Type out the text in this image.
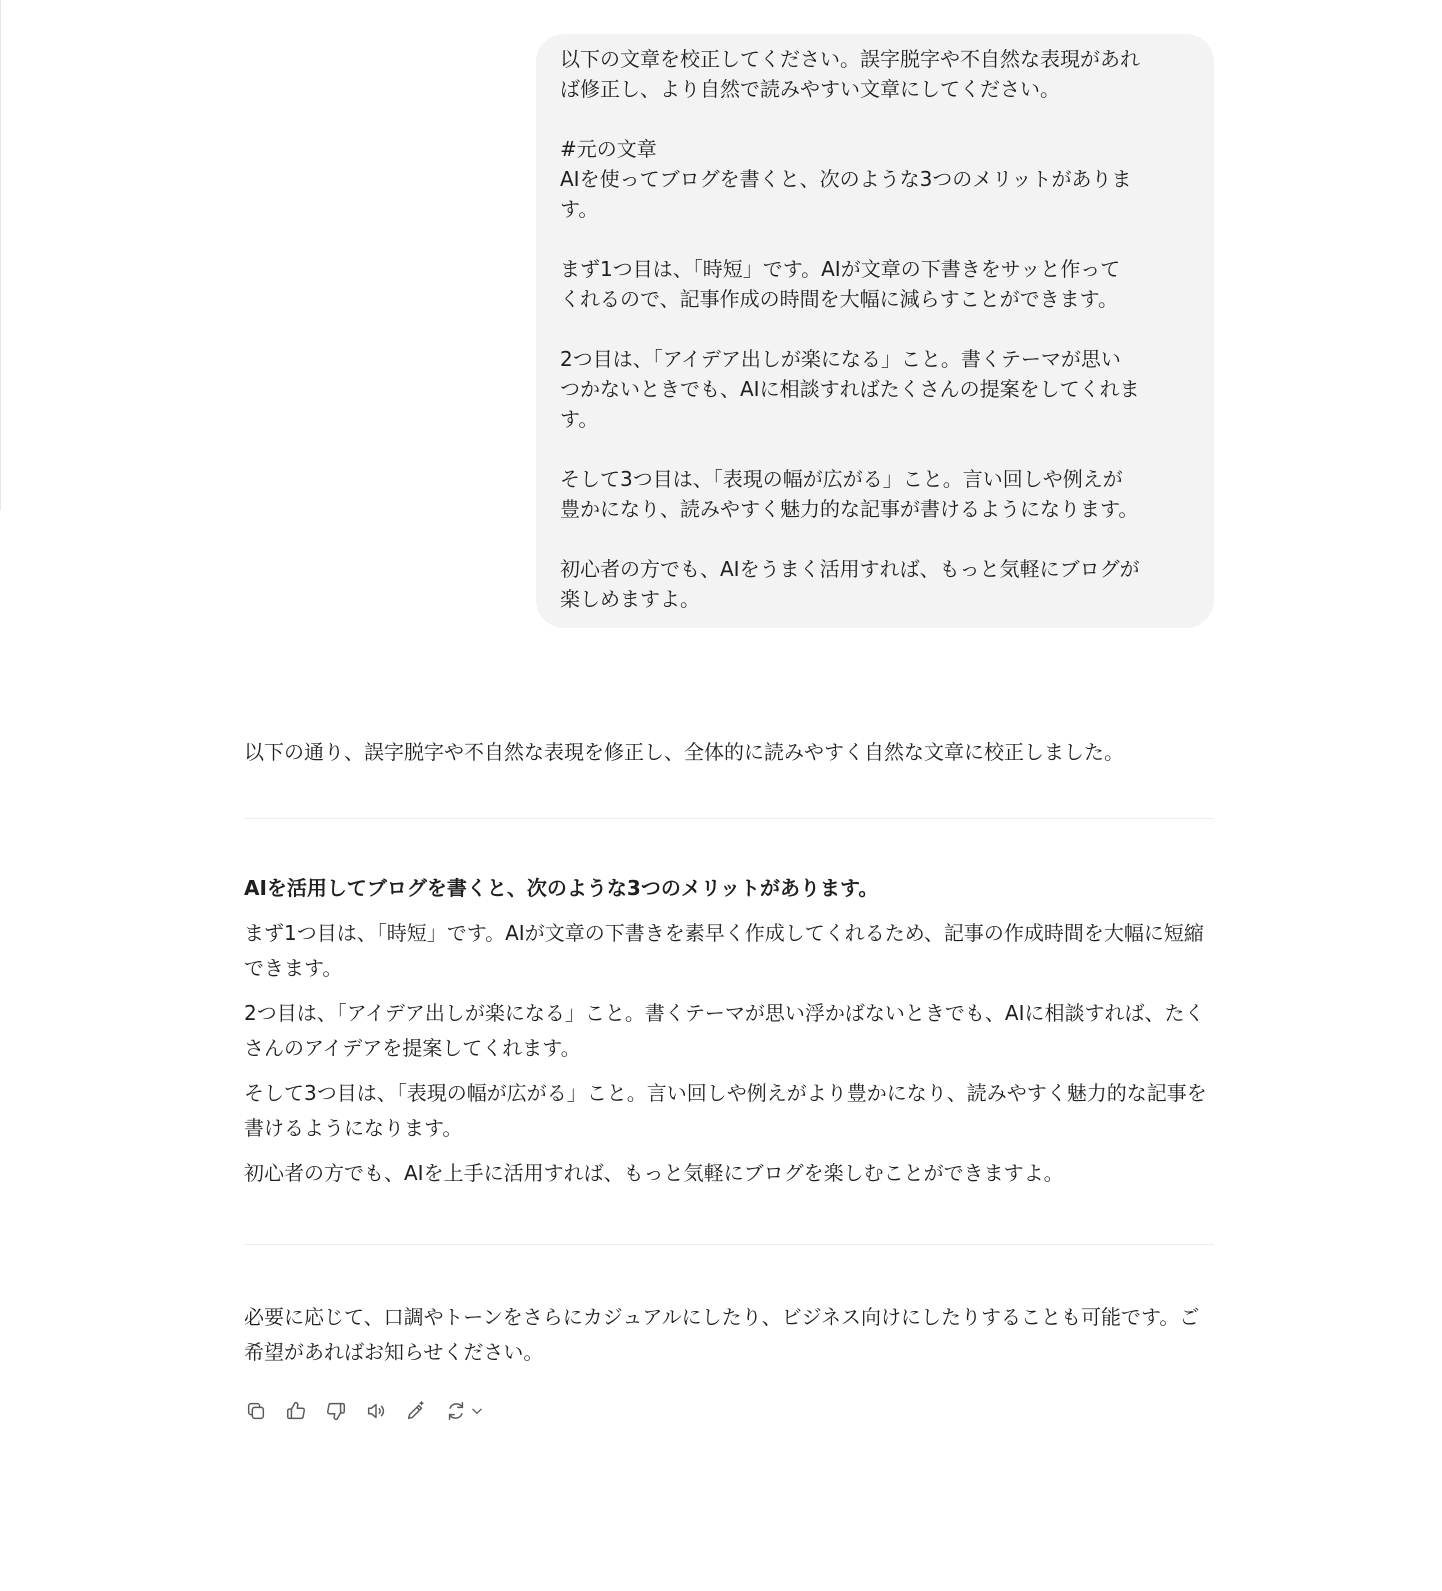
以下の文章を校正してください。誤字脱字や不自然な表現があれ
ば修正し、より自然で読みやすい文章にしてください。

#元の文章
AIを使ってブログを書くと、次のような3つのメリットがありま
す。

まず1つ目は、「時短」です。AIが文章の下書きをサッと作って
くれるので、記事作成の時間を大幅に減らすことができます。

2つ目は、「アイデア出しが楽になる」こと。書くテーマが思い
つかないときでも、AIに相談すればたくさんの提案をしてくれま
す。

そして3つ目は、「表現の幅が広がる」こと。言い回しや例えが
豊かになり、読みやすく魅力的な記事が書けるようになります。

初心者の方でも、AIをうまく活用すれば、もっと気軽にブログが
楽しめますよ。

以下の通り、誤字脱字や不自然な表現を修正し、全体的に読みやすく自然な文章に校正しました。

AIを活用してブログを書くと、次のような3つのメリットがあります。

まず1つ目は、「時短」です。AIが文章の下書きを素早く作成してくれるため、記事の作成時間を大幅に短縮できます。

2つ目は、「アイデア出しが楽になる」こと。書くテーマが思い浮かばないときでも、AIに相談すれば、たくさんのアイデアを提案してくれます。

そして3つ目は、「表現の幅が広がる」こと。言い回しや例えがより豊かになり、読みやすく魅力的な記事を書けるようになります。

初心者の方でも、AIを上手に活用すれば、もっと気軽にブログを楽しむことができますよ。

必要に応じて、口調やトーンをさらにカジュアルにしたり、ビジネス向けにしたりすることも可能です。ご希望があればお知らせください。
